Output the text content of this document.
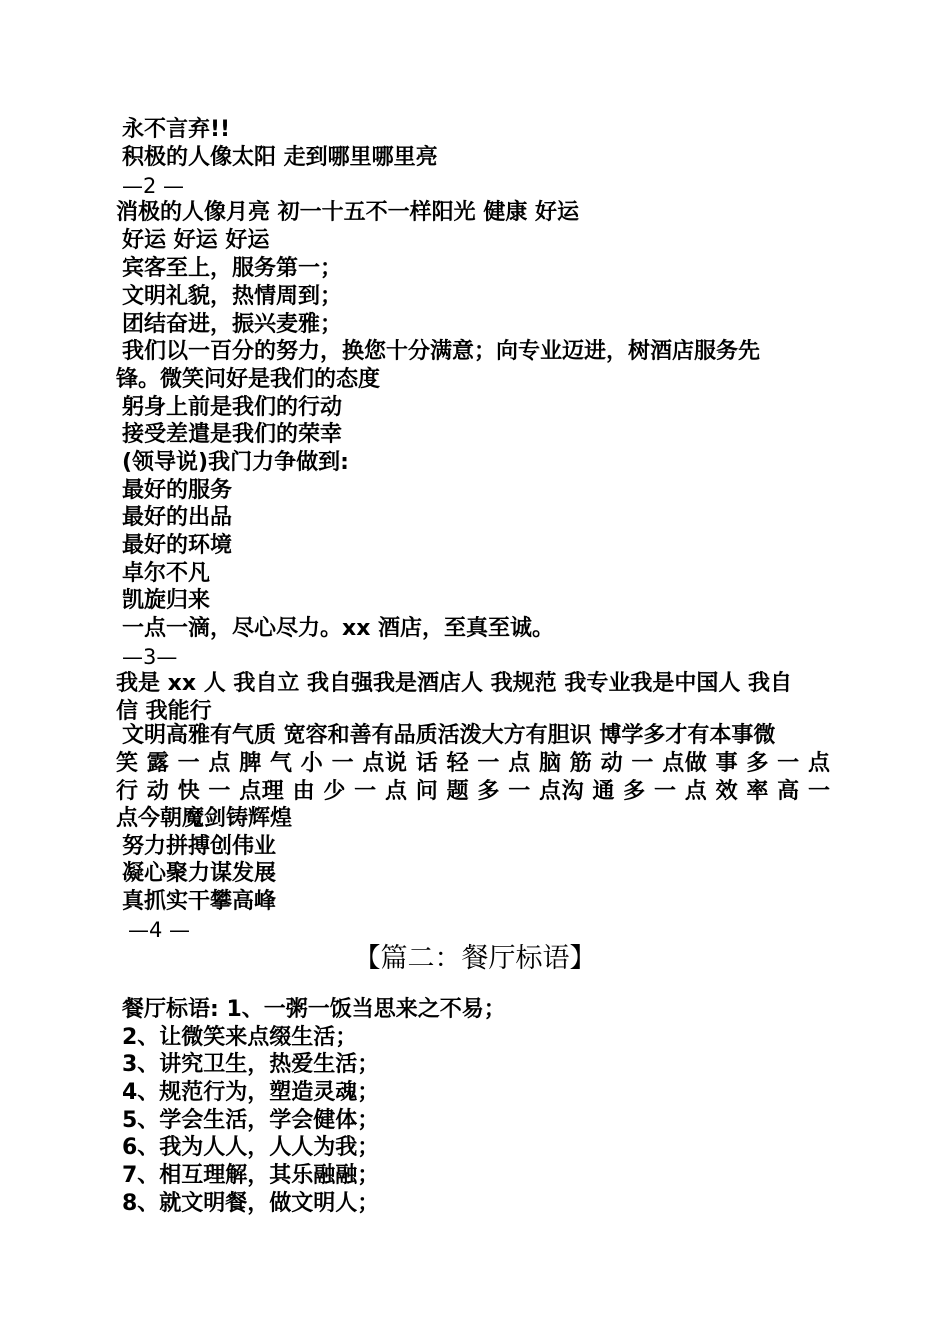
永不言弃!!
积极的人像太阳 走到哪里哪里亮
—2 —
消极的人像月亮 初一十五不一样阳光 健康 好运
好运 好运 好运
宾客至上，服务第一；
文明礼貌，热情周到；
团结奋进，振兴麦雅；
我们以一百分的努力，换您十分满意；向专业迈进，树酒店服务先
锋。微笑问好是我们的态度
躬身上前是我们的行动
接受差遣是我们的荣幸
(领导说)我门力争做到:
最好的服务
最好的出品
最好的环境
卓尔不凡
凯旋归来
一点一滴，尽心尽力。xx 酒店，至真至诚。
—3—
我是 xx 人 我自立 我自强我是酒店人 我规范 我专业我是中国人 我自
信 我能行
文明高雅有气质 宽容和善有品质活泼大方有胆识 博学多才有本事微
笑 露 一 点 脾 气 小 一 点说 话 轻 一 点 脑 筋 动 一 点做 事 多 一 点
行 动 快 一 点理 由 少 一 点 问 题 多 一 点沟 通 多 一 点 效 率 高 一
点今朝魔剑铸辉煌
努力拼搏创伟业
凝心聚力谋发展
真抓实干攀高峰
—4 —
【篇二：餐厅标语】
餐厅标语: 1、一粥一饭当思来之不易；
2、让微笑来点缀生活；
3、讲究卫生，热爱生活；
4、规范行为，塑造灵魂；
5、学会生活，学会健体；
6、我为人人，人人为我；
7、相互理解，其乐融融；
8、就文明餐，做文明人；
